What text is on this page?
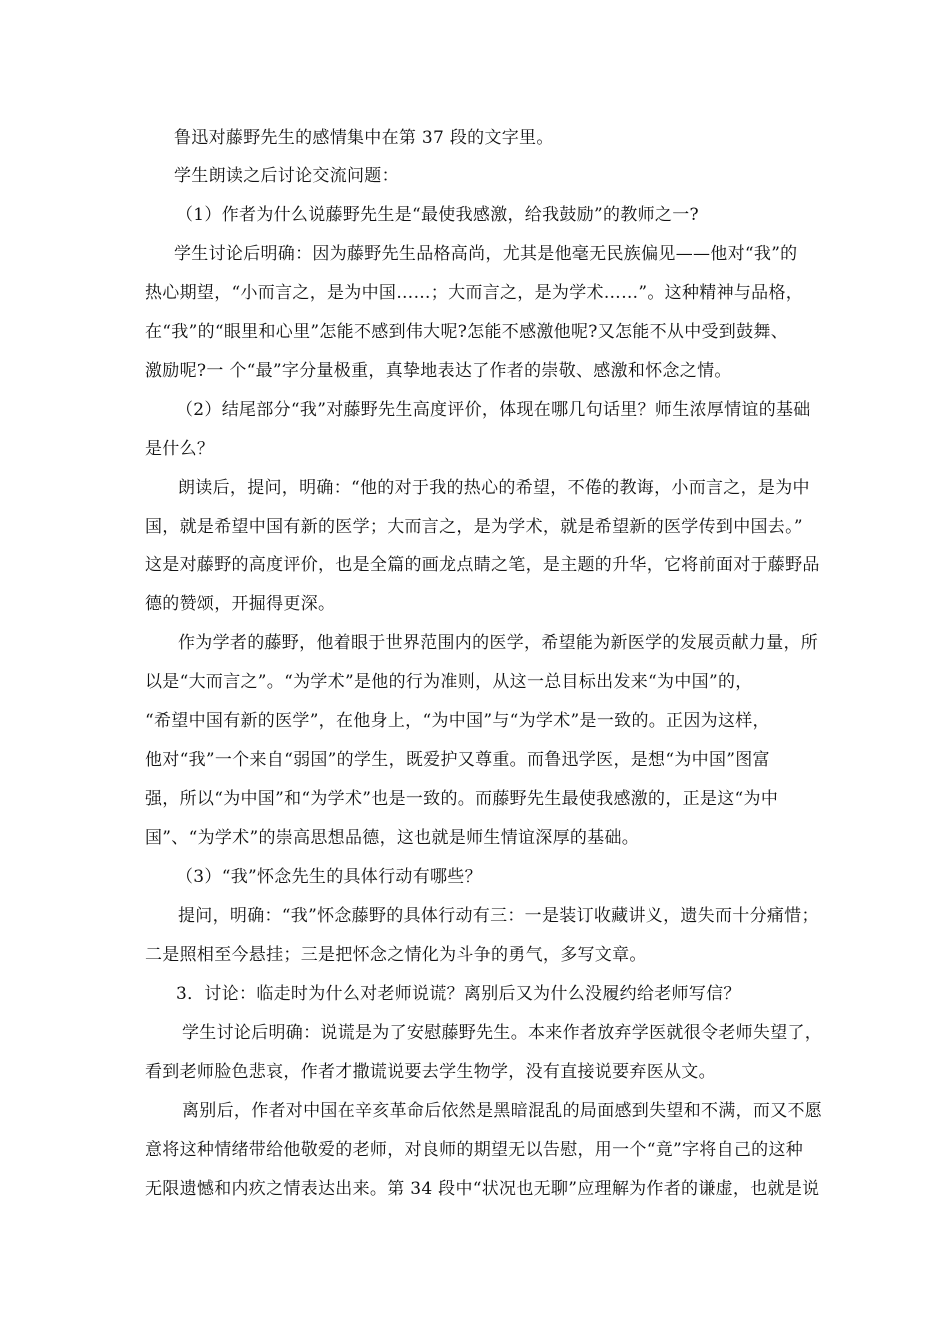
鲁迅对藤野先生的感情集中在第 37 段的文字里。
学生朗读之后讨论交流问题：
（1）作者为什么说藤野先生是“最使我感激，给我鼓励”的教师之一?
学生讨论后明确：因为藤野先生品格高尚，尤其是他毫无民族偏见——他对“我”的
热心期望，“小而言之，是为中国……；大而言之，是为学术……”。这种精神与品格，
在“我”的“眼里和心里”怎能不感到伟大呢?怎能不感激他呢?又怎能不从中受到鼓舞、
激励呢?一 个“最”字分量极重，真挚地表达了作者的崇敬、感激和怀念之情。
（2）结尾部分“我”对藤野先生高度评价，体现在哪几句话里？师生浓厚情谊的基础
是什么？
朗读后，提问，明确：“他的对于我的热心的希望，不倦的教诲，小而言之，是为中
国，就是希望中国有新的医学；大而言之，是为学术，就是希望新的医学传到中国去。”
这是对藤野的高度评价，也是全篇的画龙点睛之笔，是主题的升华，它将前面对于藤野品
德的赞颂，开掘得更深。
作为学者的藤野，他着眼于世界范围内的医学，希望能为新医学的发展贡献力量，所
以是“大而言之”。“为学术”是他的行为准则，从这一总目标出发来“为中国”的，
“希望中国有新的医学”，在他身上，“为中国”与“为学术”是一致的。正因为这样，
他对“我”一个来自“弱国”的学生，既爱护又尊重。而鲁迅学医，是想“为中国”图富
强，所以“为中国”和“为学术”也是一致的。而藤野先生最使我感激的，正是这“为中
国”、“为学术”的崇高思想品德，这也就是师生情谊深厚的基础。
（3）“我”怀念先生的具体行动有哪些？
提问，明确：“我”怀念藤野的具体行动有三：一是装订收藏讲义，遗失而十分痛惜；
二是照相至今悬挂；三是把怀念之情化为斗争的勇气，多写文章。
3．讨论：临走时为什么对老师说谎？离别后又为什么没履约给老师写信？
学生讨论后明确：说谎是为了安慰藤野先生。本来作者放弃学医就很令老师失望了，
看到老师脸色悲哀，作者才撒谎说要去学生物学，没有直接说要弃医从文。
离别后，作者对中国在辛亥革命后依然是黑暗混乱的局面感到失望和不满，而又不愿
意将这种情绪带给他敬爱的老师，对良师的期望无以告慰，用一个“竟”字将自己的这种
无限遗憾和内疚之情表达出来。第 34 段中“状况也无聊”应理解为作者的谦虚，也就是说
